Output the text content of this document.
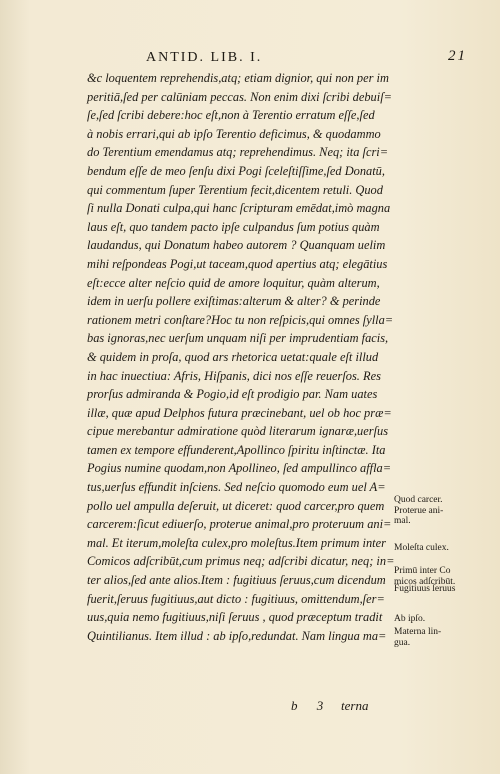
ANTID. LIB. I.	21
&c loquentem reprehendis,atq; etiam dignior, qui non per im
peritiā,ſed per calūniam peccas. Non enim dixi ſcribi debuiſ=
ſe,ſed ſcribi debere:hoc eſt,non à Terentio erratum eſſe,ſed
à nobis errari,qui ab ipſo Terentio deficimus, & quodammo
do Terentium emendamus atq; reprehendimus. Neq; ita ſcri=
bendum eſſe de meo ſenſu dixi Pogi ſceleſtiſſime,ſed Donatū,
qui commentum ſuper Terentium fecit,dicentem retuli. Quod
ſi nulla Donati culpa,qui hanc ſcripturam emēdat,imò magna
laus eſt, quo tandem pacto ipſe culpandus ſum potius quàm
laudandus, qui Donatum habeo autorem ? Quanquam uelim
mihi reſpondeas Pogi,ut taceam,quod apertius atq; elegātius
eſt:ecce alter neſcio quid de amore loquitur, quàm alterum,
idem in uerſu pollere exiſtimas:alterum & alter? & perinde
rationem metri conſtare?Hoc tu non reſpicis,qui omnes ſylla=
bas ignoras,nec uerſum unquam niſi per imprudentiam facis,
& quidem in proſa, quod ars rhetorica uetat:quale eſt illud
in hac inuectiua: Afris, Hiſpanis, dici nos eſſe reuerſos. Res
prorſus admiranda & Pogio,id eſt prodigio par. Nam uates
illæ, quæ apud Delphos futura præcinebant, uel ob hoc præ=
cipue merebantur admiratione quòd literarum ignaræ,uerſus
tamen ex tempore effunderent,Apollinco ſpiritu inſtinctæ. Ita
Pogius numine quodam,non Apollineo, ſed ampullinco affla=
tus,uerſus effundit inſciens. Sed neſcio quomodo eum uel A=
pollo uel ampulla deſeruit, ut diceret: quod carcer,pro quem
carcerem:ſicut ediuerſo, proterue animal,pro proteruum ani=
mal. Et iterum,moleſta culex,pro moleſtus.Item primum inter
Comicos adſcribūt,cum primus neq; adſcribi dicatur, neq; in=
ter alios,ſed ante alios.Item : fugitiuus ſeruus,cum dicendum
fuerit,ſeruus fugitiuus,aut dicto : fugitiuus, omittendum,ſer=
uus,quia nemo fugitiuus,niſi ſeruus , quod præceptum tradit
Quintilianus. Item illud : ab ipſo,redundat. Nam lingua ma=
Quod carcer.
Proterue ani-
mal.
Moleſta culex.
Primū inter Co
micos adſcribūt.
Fugitiuus ſeruus
Ab ipſo.
Materna lin-
gua.
b 3 terna
